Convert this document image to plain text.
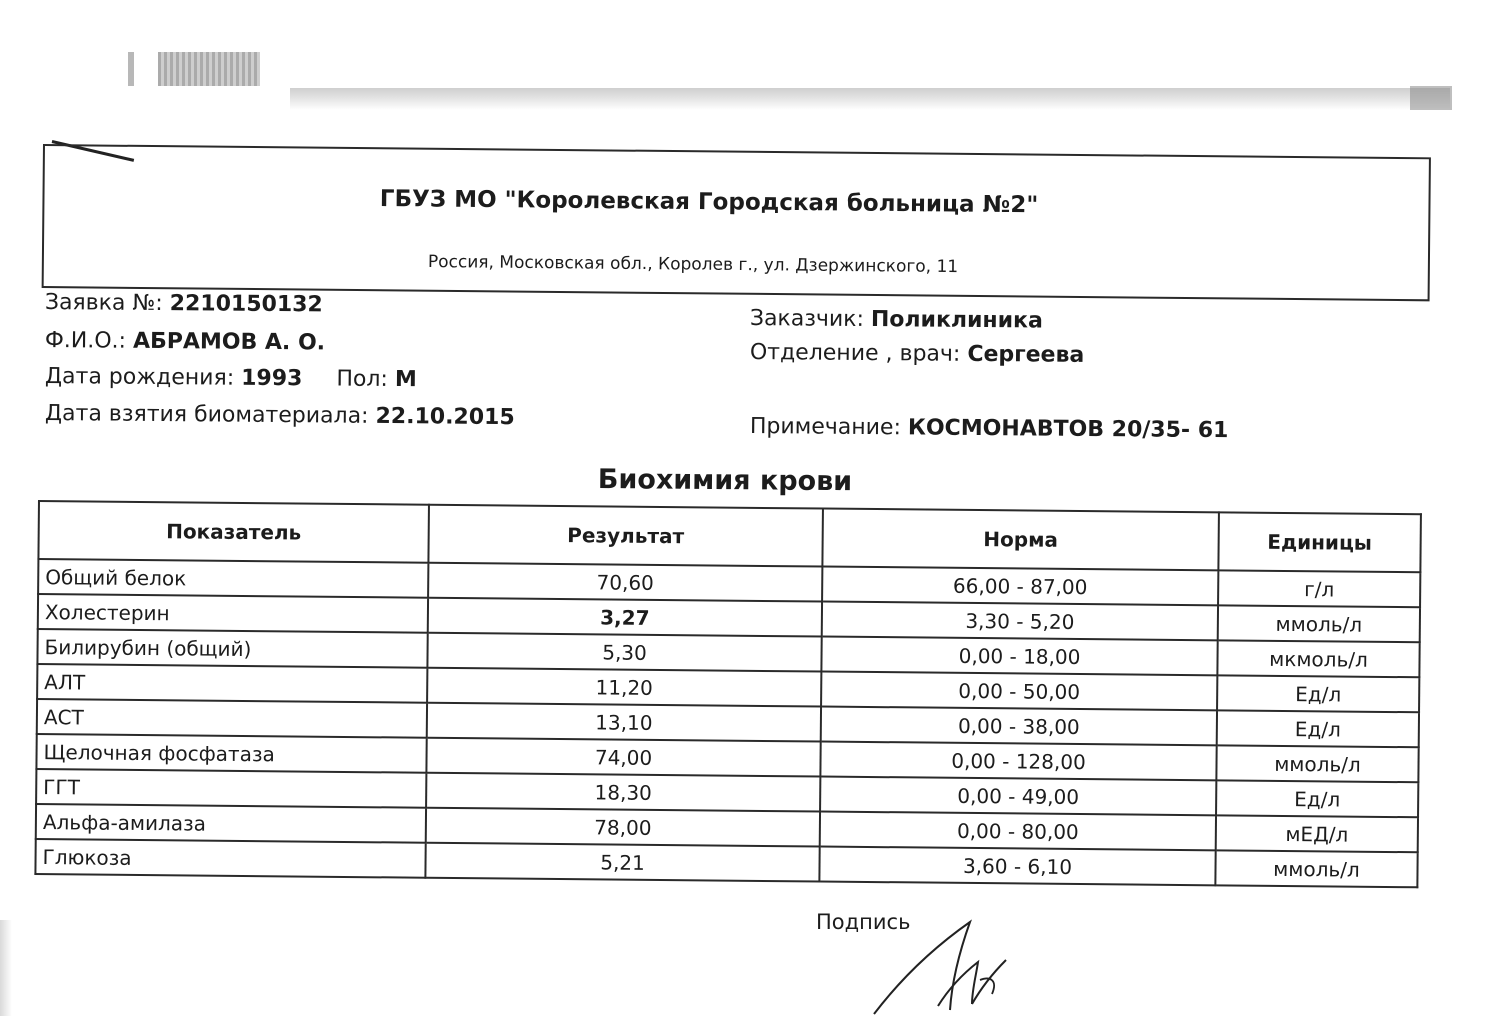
ГБУЗ МО "Королевская Городская больница №2"
Россия, Московская обл., Королев г., ул. Дзержинского, 11
Заявка №: 2210150132
Ф.И.О.: АБРАМОВ А. О.
Дата рождения: 1993 Пол: М
Дата взятия биоматериала: 22.10.2015
Заказчик: Поликлиника
Отделение , врач: Сергеева
Примечание: КОСМОНАВТОВ 20/35- 61
Биохимия крови
Показатель	Результат	Норма	Единицы
Общий белок	70,60	66,00 - 87,00	г/л
Холестерин	3,27	3,30 - 5,20	ммоль/л
Билирубин (общий)	5,30	0,00 - 18,00	мкмоль/л
АЛТ	11,20	0,00 - 50,00	Ед/л
АСТ	13,10	0,00 - 38,00	Ед/л
Щелочная фосфатаза	74,00	0,00 - 128,00	ммоль/л
ГГТ	18,30	0,00 - 49,00	Ед/л
Альфа-амилаза	78,00	0,00 - 80,00	мЕД/л
Глюкоза	5,21	3,60 - 6,10	ммоль/л
Подпись
